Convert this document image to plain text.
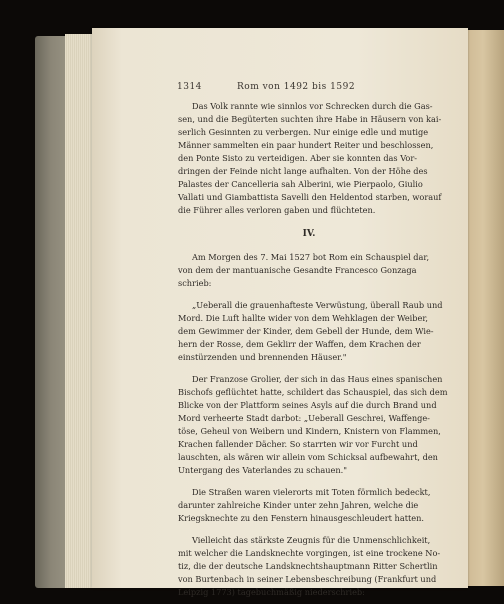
1314	Rom von 1492 bis 1592
Das Volk rannte wie sinnlos vor Schrecken durch die Gas-
sen, und die Begüterten suchten ihre Habe in Häusern von kai-
serlich Gesinnten zu verbergen. Nur einige edle und mutige
Männer sammelten ein paar hundert Reiter und beschlossen,
den Ponte Sisto zu verteidigen. Aber sie konnten das Vor-
dringen der Feinde nicht lange aufhalten. Von der Höhe des
Palastes der Cancelleria sah Alberini, wie Pierpaolo, Giulio
Vallati und Giambattista Savelli den Heldentod starben, worauf
die Führer alles verloren gaben und flüchteten.
IV.
Am Morgen des 7. Mai 1527 bot Rom ein Schauspiel dar,
von dem der mantuanische Gesandte Francesco Gonzaga
schrieb:
„Ueberall die grauenhafteste Verwüstung, überall Raub und
Mord. Die Luft hallte wider von dem Wehklagen der Weiber,
dem Gewimmer der Kinder, dem Gebell der Hunde, dem Wie-
hern der Rosse, dem Geklirr der Waffen, dem Krachen der
einstürzenden und brennenden Häuser."
Der Franzose Grolier, der sich in das Haus eines spanischen
Bischofs geflüchtet hatte, schildert das Schauspiel, das sich dem
Blicke von der Plattform seines Asyls auf die durch Brand und
Mord verheerte Stadt darbot: „Ueberall Geschrei, Waffenge-
töse, Geheul von Weibern und Kindern, Knistern von Flammen,
Krachen fallender Dächer. So starrten wir vor Furcht und
lauschten, als wären wir allein vom Schicksal aufbewahrt, den
Untergang des Vaterlandes zu schauen."
Die Straßen waren vielerorts mit Toten förmlich bedeckt,
darunter zahlreiche Kinder unter zehn Jahren, welche die
Kriegsknechte zu den Fenstern hinausgeschleudert hatten.
Vielleicht das stärkste Zeugnis für die Unmenschlichkeit,
mit welcher die Landsknechte vorgingen, ist eine trockene No-
tiz, die der deutsche Landsknechtshauptmann Ritter Schertlin
von Burtenbach in seiner Lebensbeschreibung (Frankfurt und
Leipzig 1773) tagebuchmäßig niederschrieb:
